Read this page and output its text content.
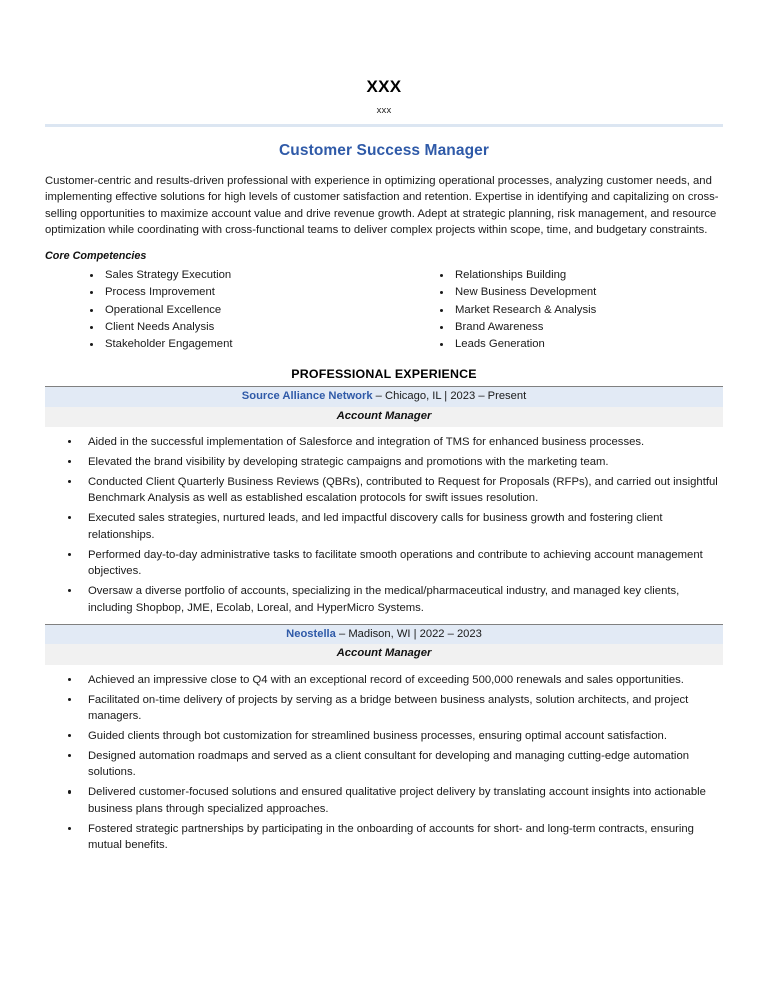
XXX
xxx
Customer Success Manager
Customer-centric and results-driven professional with experience in optimizing operational processes, analyzing customer needs, and implementing effective solutions for high levels of customer satisfaction and retention. Expertise in identifying and capitalizing on cross-selling opportunities to maximize account value and drive revenue growth. Adept at strategic planning, risk management, and resource optimization while coordinating with cross-functional teams to deliver complex projects within scope, time, and budgetary constraints.
Core Competencies
Sales Strategy Execution
Process Improvement
Operational Excellence
Client Needs Analysis
Stakeholder Engagement
Relationships Building
New Business Development
Market Research & Analysis
Brand Awareness
Leads Generation
PROFESSIONAL EXPERIENCE
Source Alliance Network – Chicago, IL | 2023 – Present
Account Manager
Aided in the successful implementation of Salesforce and integration of TMS for enhanced business processes.
Elevated the brand visibility by developing strategic campaigns and promotions with the marketing team.
Conducted Client Quarterly Business Reviews (QBRs), contributed to Request for Proposals (RFPs), and carried out insightful Benchmark Analysis as well as established escalation protocols for swift issues resolution.
Executed sales strategies, nurtured leads, and led impactful discovery calls for business growth and fostering client relationships.
Performed day-to-day administrative tasks to facilitate smooth operations and contribute to achieving account management objectives.
Oversaw a diverse portfolio of accounts, specializing in the medical/pharmaceutical industry, and managed key clients, including Shopbop, JME, Ecolab, Loreal, and HyperMicro Systems.
Neostella – Madison, WI | 2022 – 2023
Account Manager
Achieved an impressive close to Q4 with an exceptional record of exceeding 500,000 renewals and sales opportunities.
Facilitated on-time delivery of projects by serving as a bridge between business analysts, solution architects, and project managers.
Guided clients through bot customization for streamlined business processes, ensuring optimal account satisfaction.
Designed automation roadmaps and served as a client consultant for developing and managing cutting-edge automation solutions.
Delivered customer-focused solutions and ensured qualitative project delivery by translating account insights into actionable business plans through specialized approaches.
Fostered strategic partnerships by participating in the onboarding of accounts for short- and long-term contracts, ensuring mutual benefits.
